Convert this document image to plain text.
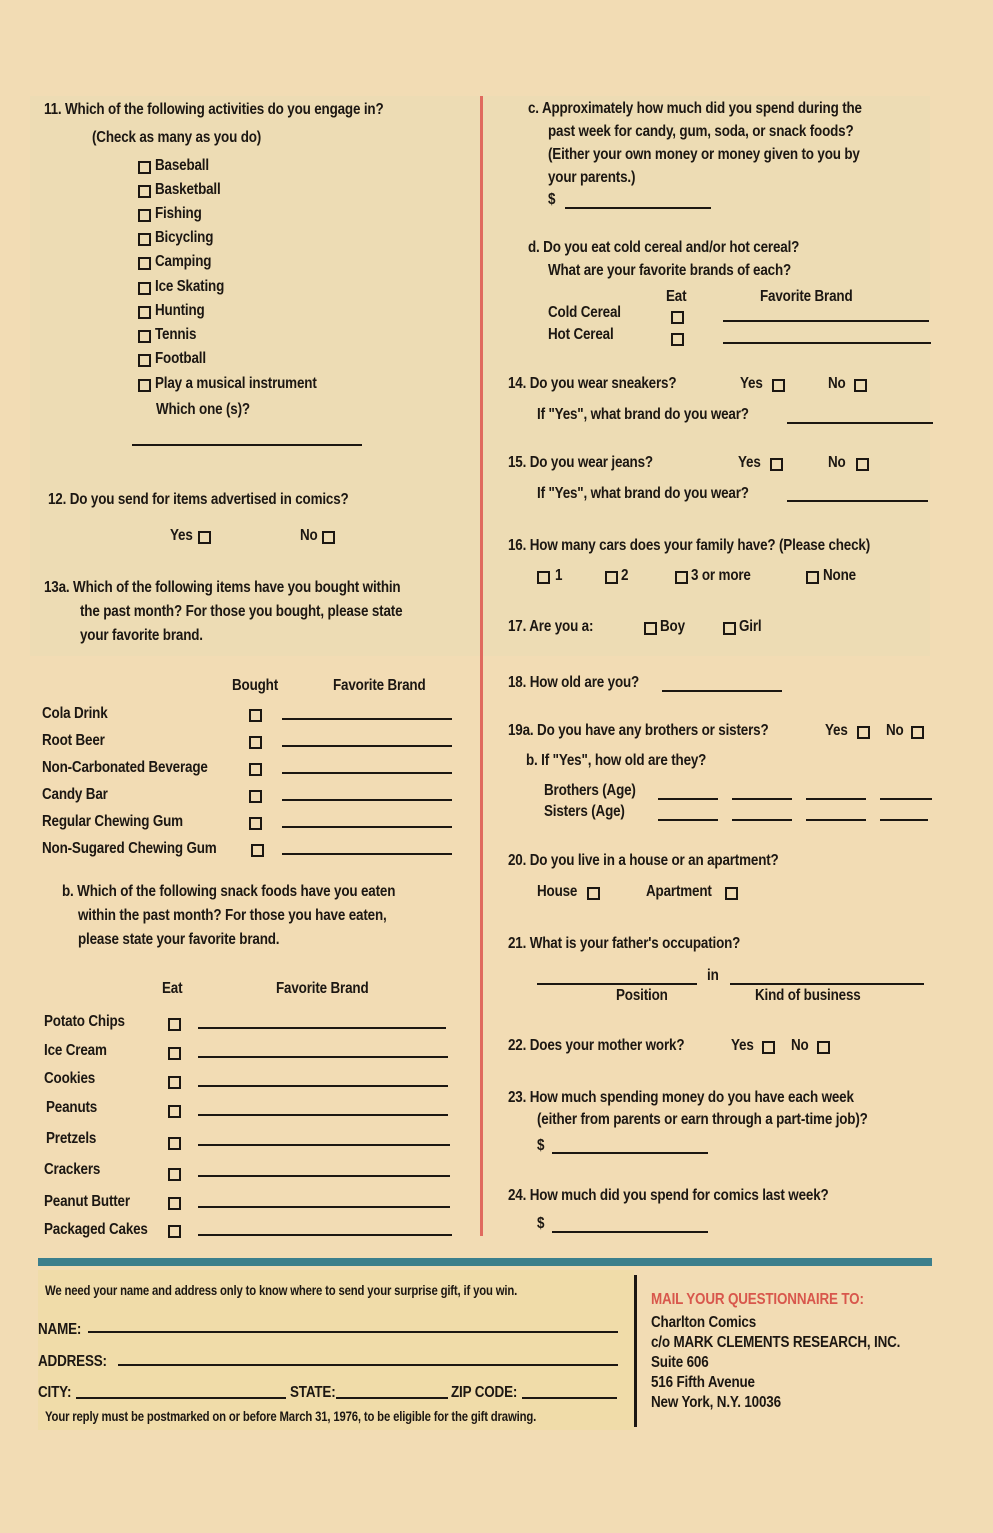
11. Which of the following activities do you engage in?
(Check as many as you do)
Baseball
Basketball
Fishing
Bicycling
Camping
Ice Skating
Hunting
Tennis
Football
Play a musical instrument
Which one (s)?
12. Do you send for items advertised in comics?
Yes	No
13a. Which of the following items have you bought within
the past month? For those you bought, please state
your favorite brand.
Bought	Favorite Brand
Cola Drink
Root Beer
Non-Carbonated Beverage
Candy Bar
Regular Chewing Gum
Non-Sugared Chewing Gum
b. Which of the following snack foods have you eaten
within the past month? For those you have eaten,
please state your favorite brand.
Eat	Favorite Brand
Potato Chips
Ice Cream
Cookies
Peanuts
Pretzels
Crackers
Peanut Butter
Packaged Cakes
c. Approximately how much did you spend during the
past week for candy, gum, soda, or snack foods?
(Either your own money or money given to you by
your parents.)
$
d. Do you eat cold cereal and/or hot cereal?
What are your favorite brands of each?
Eat	Favorite Brand
Cold Cereal
Hot Cereal
14. Do you wear sneakers?	Yes	No
If "Yes", what brand do you wear?
15. Do you wear jeans?	Yes	No
If "Yes", what brand do you wear?
16. How many cars does your family have? (Please check)
1	2	3 or more	None
17. Are you a:	Boy	Girl
18. How old are you?
19a. Do you have any brothers or sisters?	Yes No
b. If "Yes", how old are they?
Brothers (Age)
Sisters (Age)
20. Do you live in a house or an apartment?
House	Apartment
21. What is your father's occupation?
in
Position	Kind of business
22. Does your mother work?	Yes No
23. How much spending money do you have each week
(either from parents or earn through a part-time job)?
$
24. How much did you spend for comics last week?
$
We need your name and address only to know where to send your surprise gift, if you win.
NAME:
ADDRESS:
CITY:	STATE:	ZIP CODE:
Your reply must be postmarked on or before March 31, 1976, to be eligible for the gift drawing.
MAIL YOUR QUESTIONNAIRE TO:
Charlton Comics
c/o MARK CLEMENTS RESEARCH, INC.
Suite 606
516 Fifth Avenue
New York, N.Y. 10036
